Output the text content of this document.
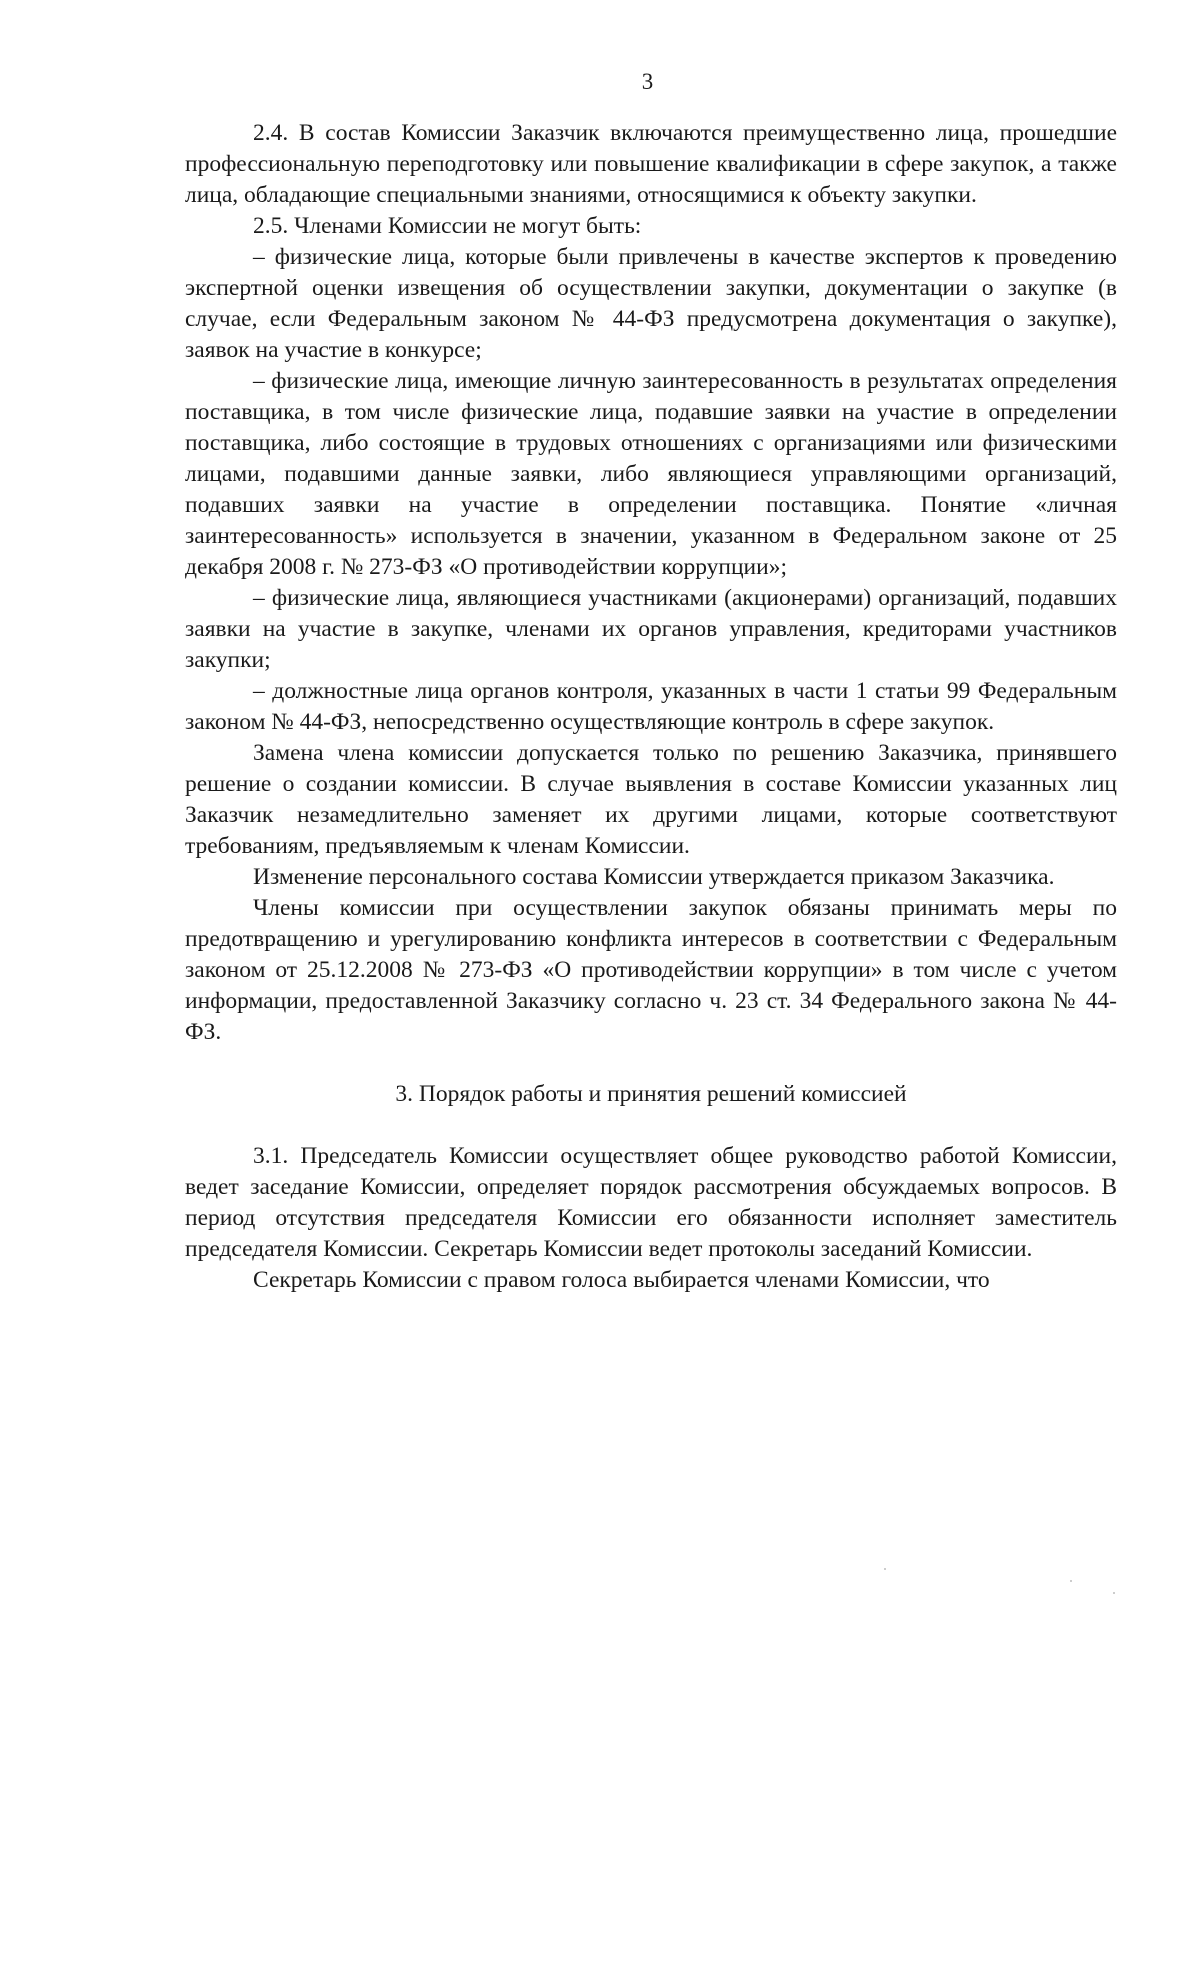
3

2.4. В состав Комиссии Заказчик включаются преимущественно лица, прошедшие профессиональную переподготовку или повышение квалификации в сфере закупок, а также лица, обладающие специальными знаниями, относящимися к объекту закупки.

2.5. Членами Комиссии не могут быть:

– физические лица, которые были привлечены в качестве экспертов к проведению экспертной оценки извещения об осуществлении закупки, документации о закупке (в случае, если Федеральным законом № 44-ФЗ предусмотрена документация о закупке), заявок на участие в конкурсе;

– физические лица, имеющие личную заинтересованность в результатах определения поставщика, в том числе физические лица, подавшие заявки на участие в определении поставщика, либо состоящие в трудовых отношениях с организациями или физическими лицами, подавшими данные заявки, либо являющиеся управляющими организаций, подавших заявки на участие в определении поставщика. Понятие «личная заинтересованность» используется в значении, указанном в Федеральном законе от 25 декабря 2008 г. № 273-ФЗ «О противодействии коррупции»;

– физические лица, являющиеся участниками (акционерами) организаций, подавших заявки на участие в закупке, членами их органов управления, кредиторами участников закупки;

– должностные лица органов контроля, указанных в части 1 статьи 99 Федеральным законом № 44-ФЗ, непосредственно осуществляющие контроль в сфере закупок.

Замена члена комиссии допускается только по решению Заказчика, принявшего решение о создании комиссии. В случае выявления в составе Комиссии указанных лиц Заказчик незамедлительно заменяет их другими лицами, которые соответствуют требованиям, предъявляемым к членам Комиссии.

Изменение персонального состава Комиссии утверждается приказом Заказчика.

Члены комиссии при осуществлении закупок обязаны принимать меры по предотвращению и урегулированию конфликта интересов в соответствии с Федеральным законом от 25.12.2008 № 273-ФЗ «О противодействии коррупции» в том числе с учетом информации, предоставленной Заказчику согласно ч. 23 ст. 34 Федерального закона № 44-ФЗ.

3. Порядок работы и принятия решений комиссией

3.1. Председатель Комиссии осуществляет общее руководство работой Комиссии, ведет заседание Комиссии, определяет порядок рассмотрения обсуждаемых вопросов. В период отсутствия председателя Комиссии его обязанности исполняет заместитель председателя Комиссии. Секретарь Комиссии ведет протоколы заседаний Комиссии.

Секретарь Комиссии с правом голоса выбирается членами Комиссии, что
